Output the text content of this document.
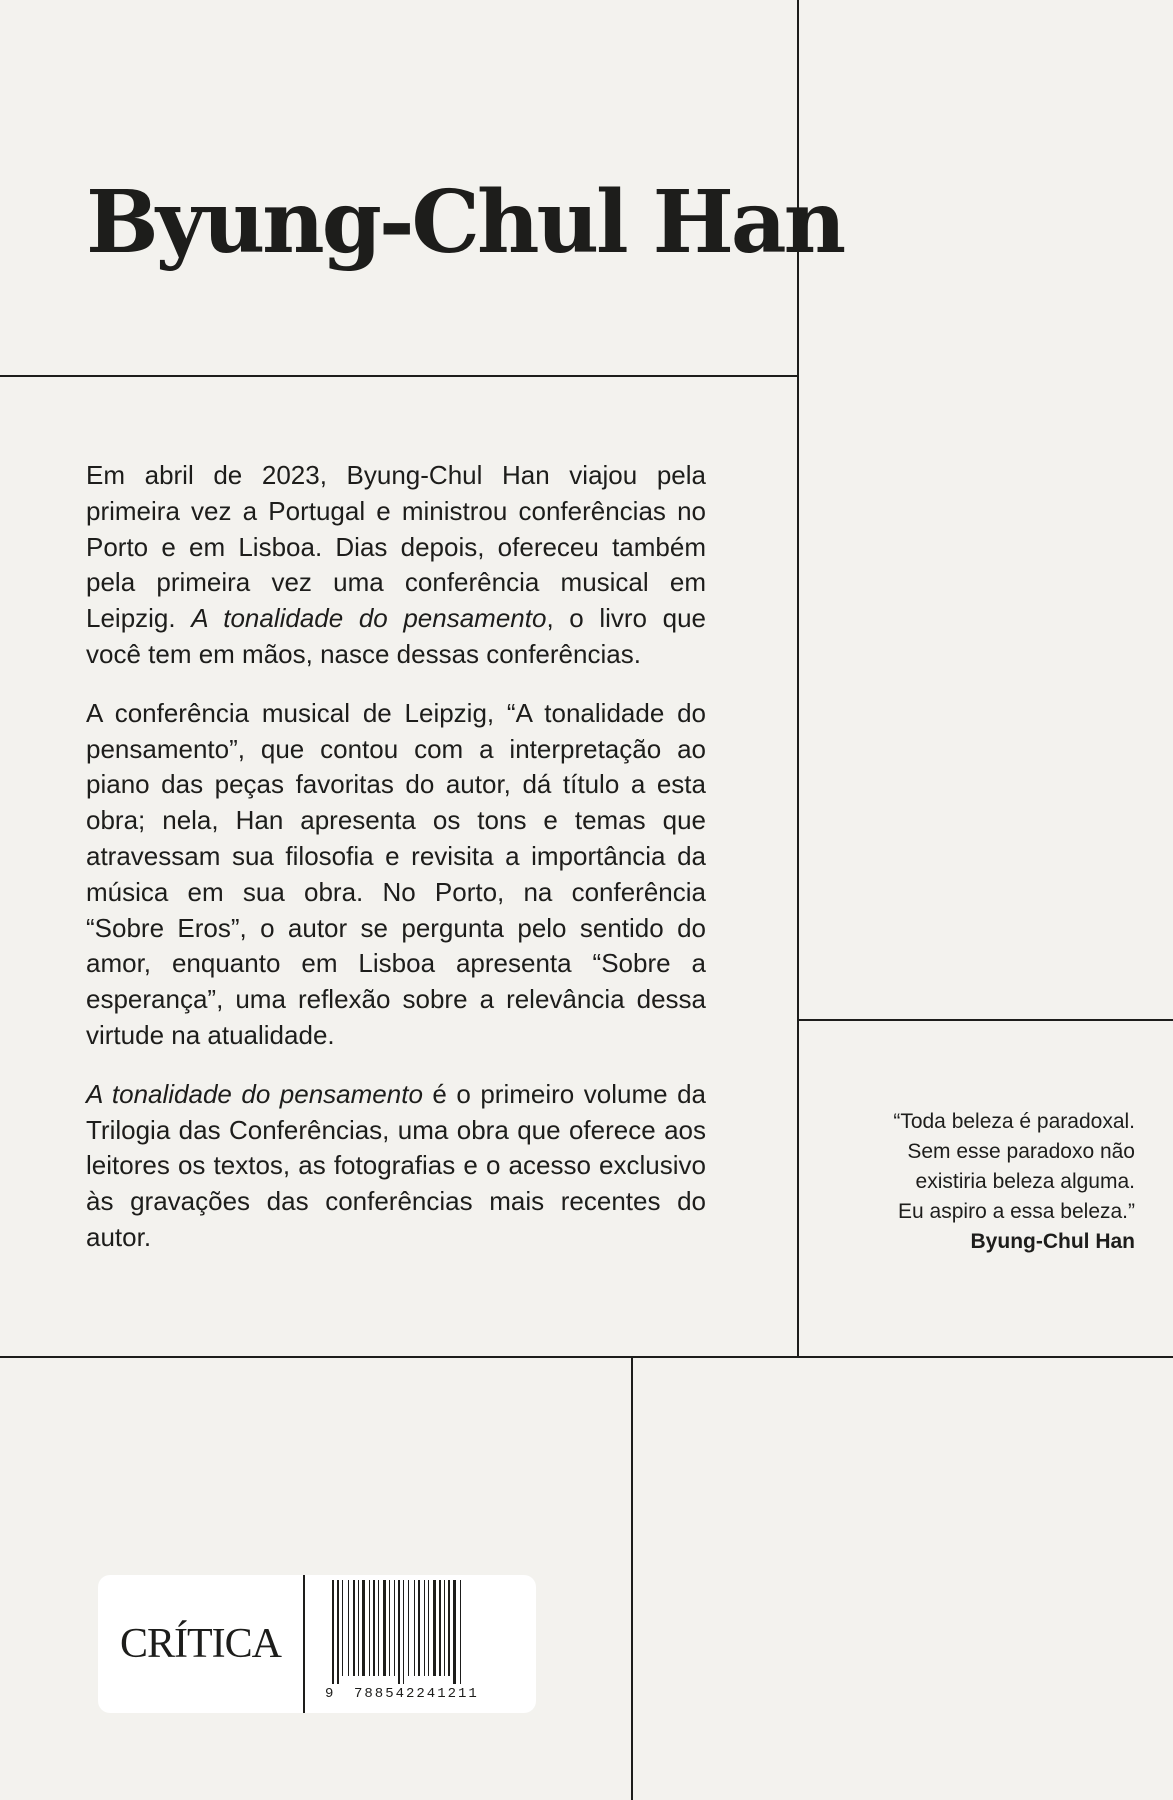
Byung-Chul Han

Em abril de 2023, Byung-Chul Han viajou pela primeira vez a Portugal e ministrou conferências no Porto e em Lisboa. Dias depois, ofereceu também pela primeira vez uma conferência musical em Leipzig. A tonalidade do pensamento, o livro que você tem em mãos, nasce dessas conferências.

A conferência musical de Leipzig, “A tonalidade do pensamento”, que contou com a interpretação ao piano das peças favoritas do autor, dá título a esta obra; nela, Han apresenta os tons e temas que atravessam sua filosofia e revisita a importância da música em sua obra. No Porto, na conferência “Sobre Eros”, o autor se pergunta pelo sentido do amor, enquanto em Lisboa apresenta “Sobre a esperança”, uma reflexão sobre a relevância dessa virtude na atualidade.

A tonalidade do pensamento é o primeiro volume da Trilogia das Conferências, uma obra que oferece aos leitores os textos, as fotografias e o acesso exclusivo às gravações das conferências mais recentes do autor.

“Toda beleza é paradoxal.
Sem esse paradoxo não
existiria beleza alguma.
Eu aspiro a essa beleza.”
Byung-Chul Han
CRÍTICA
9 788542241211
